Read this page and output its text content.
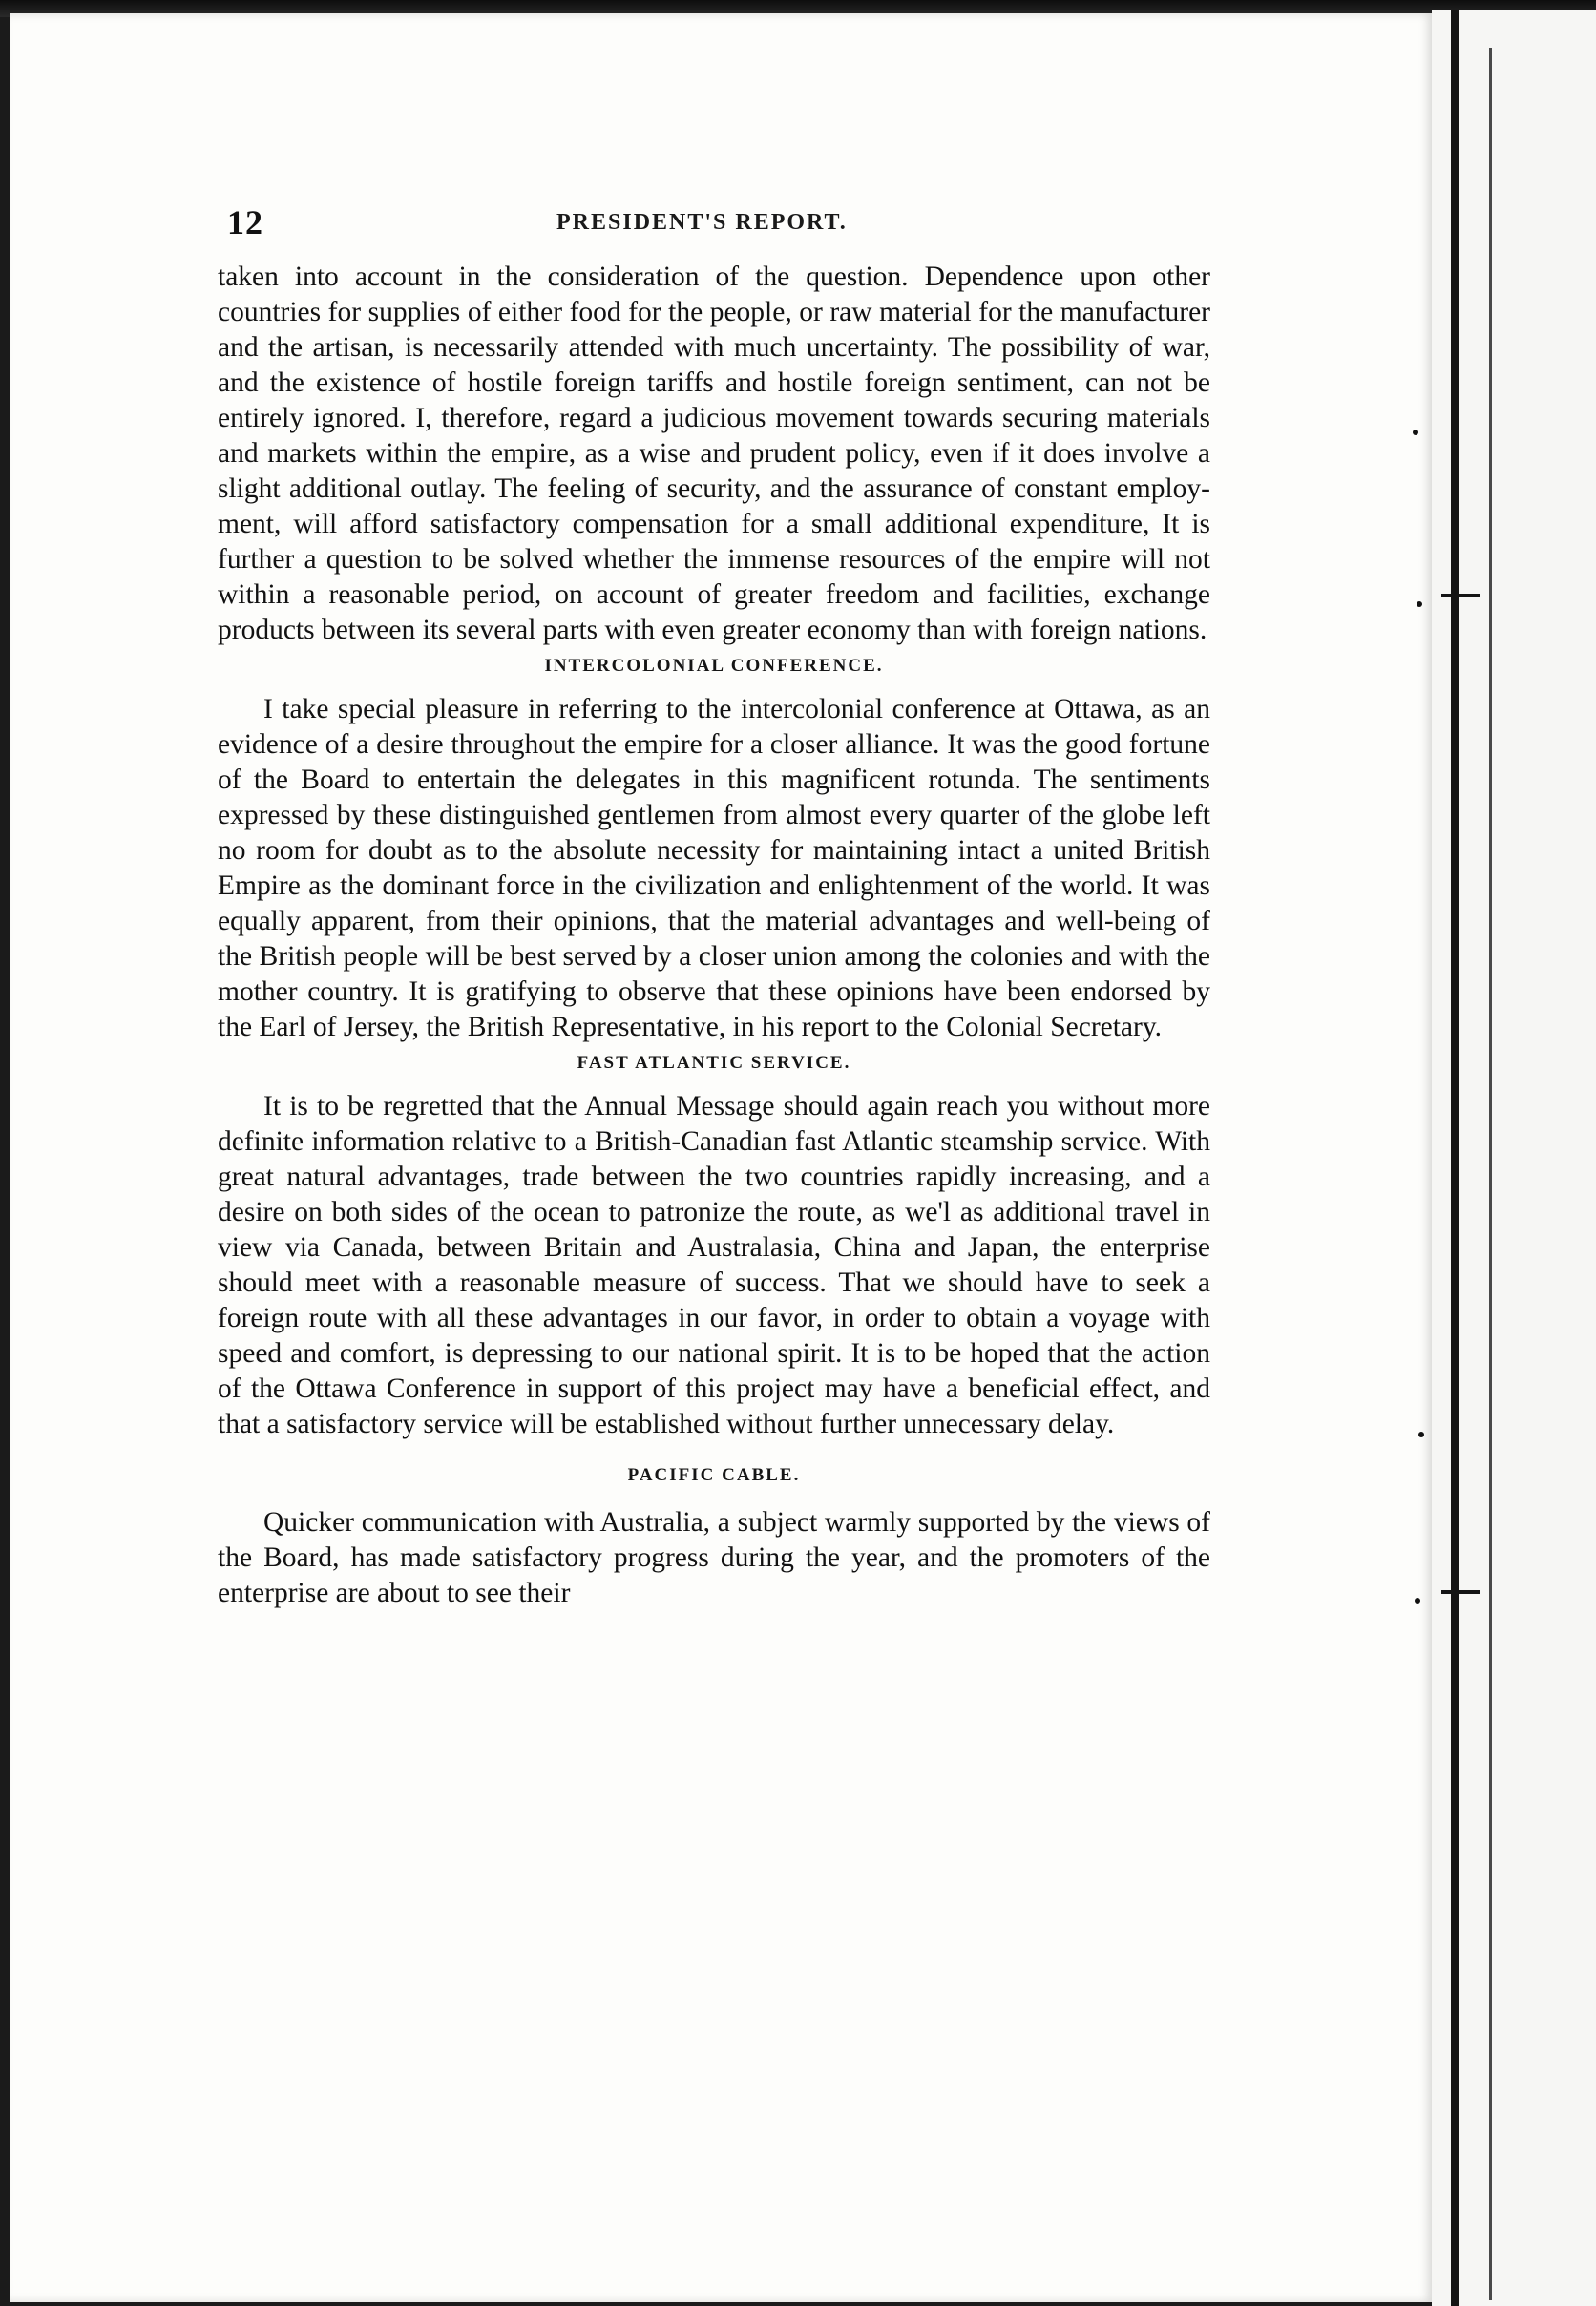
12	PRESIDENT'S REPORT.

taken into account in the consideration of the question. Dependence upon other countries for supplies of either food for the people, or raw material for the manufacturer and the artisan, is necessarily attended with much uncertainty. The possibility of war, and the existence of hostile foreign tariffs and hostile foreign sentiment, can not be entirely ignored. I, therefore, regard a judicious movement towards securing materials and markets within the empire, as a wise and prudent policy, even if it does involve a slight additional outlay. The feeling of security, and the assurance of constant employment, will afford satisfactory compensation for a small additional expenditure, It is further a question to be solved whether the immense resources of the empire will not within a reasonable period, on account of greater freedom and facilities, exchange products between its several parts with even greater economy than with foreign nations.

INTERCOLONIAL CONFERENCE.

I take special pleasure in referring to the intercolonial conference at Ottawa, as an evidence of a desire throughout the empire for a closer alliance. It was the good fortune of the Board to entertain the delegates in this magnificent rotunda. The sentiments expressed by these distinguished gentlemen from almost every quarter of the globe left no room for doubt as to the absolute necessity for maintaining intact a united British Empire as the dominant force in the civilization and enlightenment of the world. It was equally apparent, from their opinions, that the material advantages and well-being of the British people will be best served by a closer union among the colonies and with the mother country. It is gratifying to observe that these opinions have been endorsed by the Earl of Jersey, the British Representative, in his report to the Colonial Secretary.

FAST ATLANTIC SERVICE.

It is to be regretted that the Annual Message should again reach you without more definite information relative to a British-Canadian fast Atlantic steamship service. With great natural advantages, trade between the two countries rapidly increasing, and a desire on both sides of the ocean to patronize the route, as we'l as additional travel in view via Canada, between Britain and Australasia, China and Japan, the enterprise should meet with a reasonable measure of success. That we should have to seek a foreign route with all these advantages in our favor, in order to obtain a voyage with speed and comfort, is depressing to our national spirit. It is to be hoped that the action of the Ottawa Conference in support of this project may have a beneficial effect, and that a satisfactory service will be established without further unnecessary delay.

PACIFIC CABLE.

Quicker communication with Australia, a subject warmly supported by the views of the Board, has made satisfactory progress during the year, and the promoters of the enterprise are about to see their
